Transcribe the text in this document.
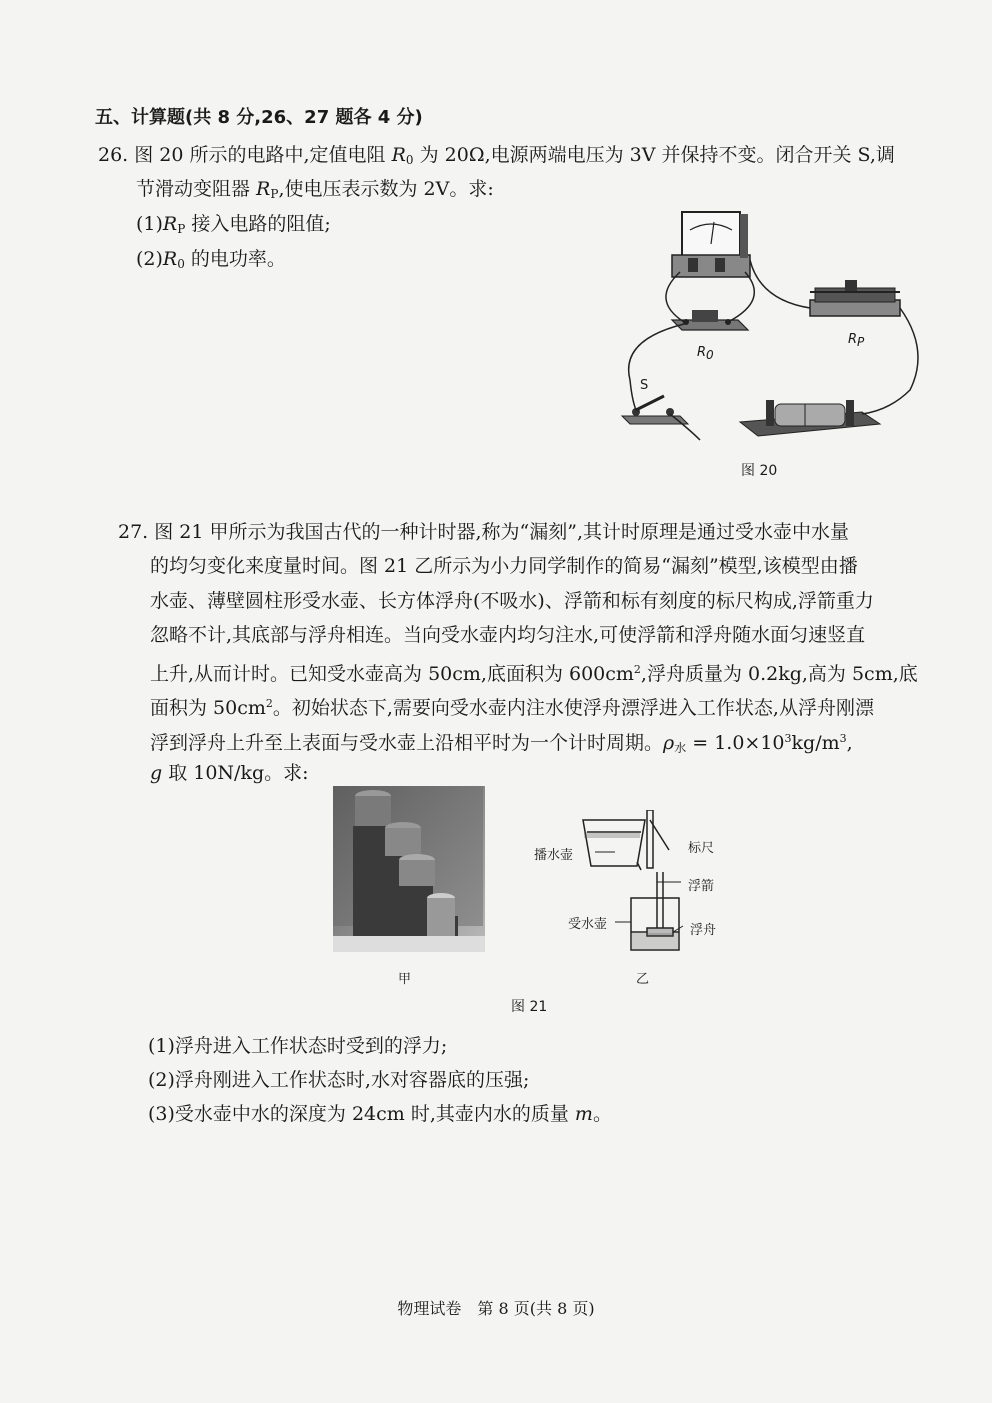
五、计算题(共 8 分,26、27 题各 4 分)
26. 图 20 所示的电路中,定值电阻 $R_0$ 为 20Ω,电源两端电压为 3V 并保持不变。闭合开关 S,调
节滑动变阻器 $R_P$,使电压表示数为 2V。求:
$(1)R_P$ 接入电路的阻值;
$(2)R_0$ 的电功率。
R0
RP
S
图 20
27. 图 21 甲所示为我国古代的一种计时器,称为“漏刻”,其计时原理是通过受水壶中水量
的均匀变化来度量时间。图 21 乙所示为小力同学制作的简易“漏刻”模型,该模型由播
水壶、薄壁圆柱形受水壶、长方体浮舟(不吸水)、浮箭和标有刻度的标尺构成,浮箭重力
忽略不计,其底部与浮舟相连。当向受水壶内均匀注水,可使浮箭和浮舟随水面匀速竖直
上升,从而计时。已知受水壶高为 50cm,底面积为 $600cm^2$,浮舟质量为 0.2kg,高为 5cm,底
面积为 $50cm^2$。初始状态下,需要向受水壶内注水使浮舟漂浮进入工作状态,从浮舟刚漂
浮到浮舟上升至上表面与受水壶上沿相平时为一个计时周期。$\rho_水 = 1.0\times 10^3kg/m^3$,
g 取 10N/kg。求:
甲
播水壶	标尺
浮箭
受水壶	浮舟
乙
图 21
(1)浮舟进入工作状态时受到的浮力;
(2)浮舟刚进入工作状态时,水对容器底的压强;
(3)受水壶中水的深度为 24cm 时,其壶内水的质量 m。
物理试卷　第 8 页(共 8 页)
